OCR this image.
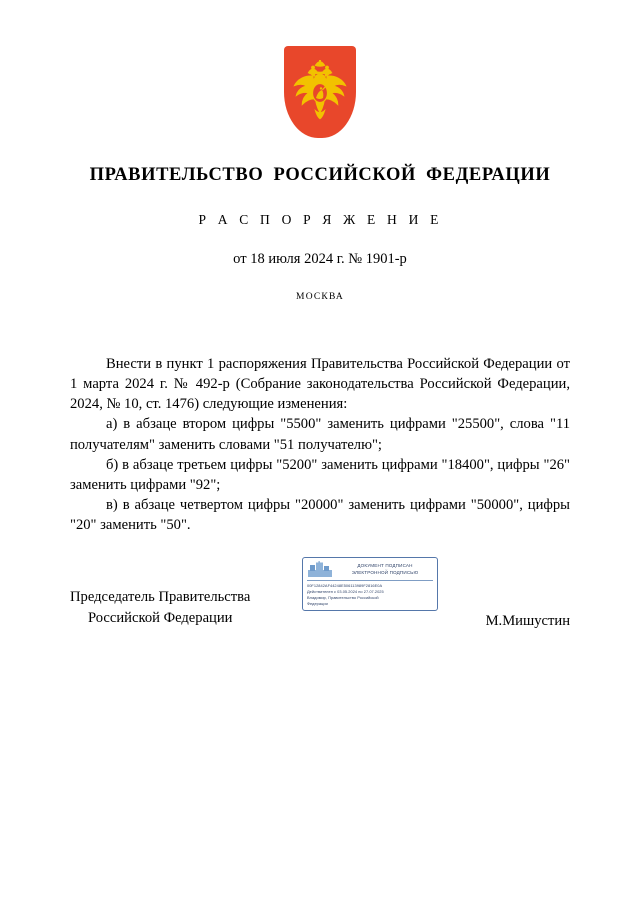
ПРАВИТЕЛЬСТВО РОССИЙСКОЙ ФЕДЕРАЦИИ
Р А С П О Р Я Ж Е Н И Е
от 18 июля 2024 г. № 1901-р
МОСКВА

Внести в пункт 1 распоряжения Правительства Российской Федерации от 1 марта 2024 г. № 492-р (Собрание законодательства Российской Федерации, 2024, № 10, ст. 1476) следующие изменения:

а) в абзаце втором цифры "5500" заменить цифрами "25500", слова "11 получателям" заменить словами "51 получателю";

б) в абзаце третьем цифры "5200" заменить цифрами "18400", цифры "26" заменить цифрами "92";

в) в абзаце четвертом цифры "20000" заменить цифрами "50000", цифры "20" заменить "50".

Председатель Правительства
Российской Федерации
ДОКУМЕНТ ПОДПИСАН
ЭЛЕКТРОННОЙ ПОДПИСЬЮ
00F12842AF44248E506113989F2816E0A
Действителен с 03.05.2024 по 27.07.2025
Владимир, Правительство Российской
Федерации
М.Мишустин
